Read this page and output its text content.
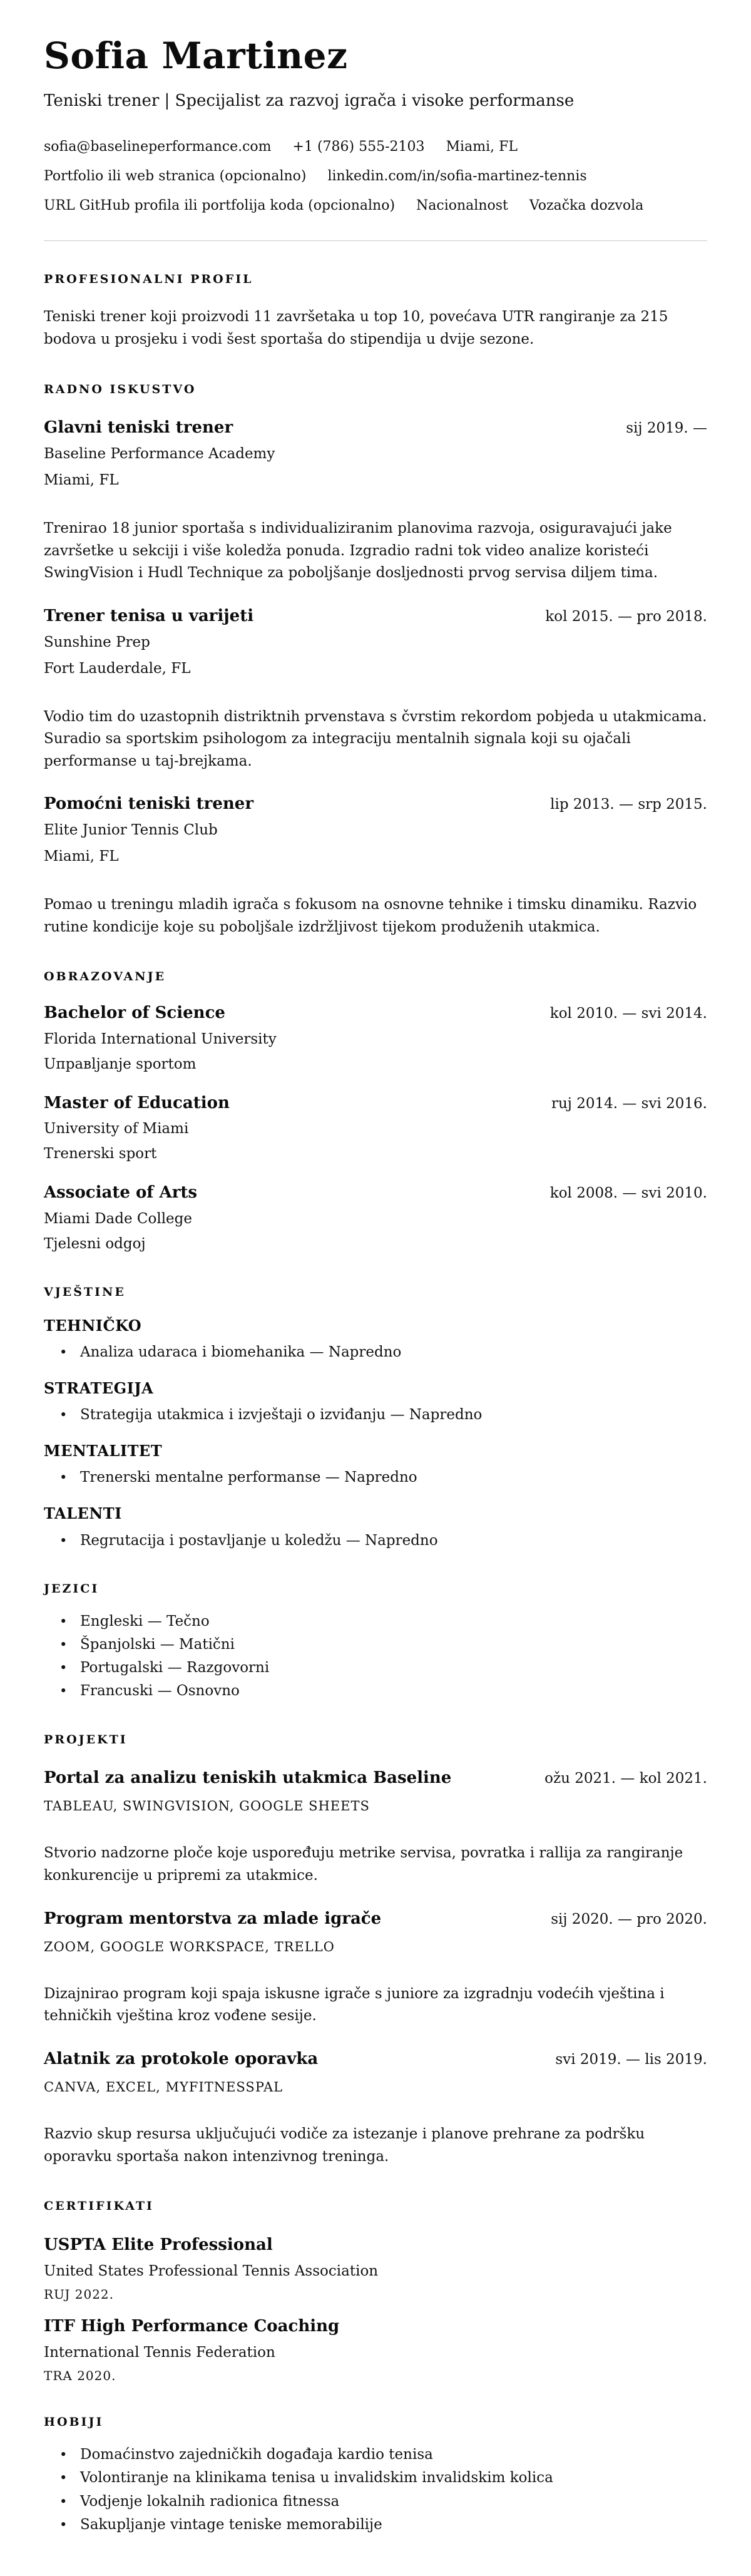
Sofia Martinez
Teniski trener | Specijalist za razvoj igrača i visoke performanse
sofia@baselineperformance.com +1 (786) 555-2103 Miami, FL
Portfolio ili web stranica (opcionalno) linkedin.com/in/sofia-martinez-tennis
URL GitHub profila ili portfolija koda (opcionalno) Nacionalnost Vozačka dozvola
PROFESIONALNI PROFIL

Teniski trener koji proizvodi 11 završetaka u top 10, povećava UTR rangiranje za 215 bodova u prosjeku i vodi šest sportaša do stipendija u dvije sezone.

RADNO ISKUSTVO
Glavni teniski trener	sij 2019. —
Baseline Performance Academy
Miami, FL

Trenirao 18 junior sportaša s individualiziranim planovima razvoja, osiguravajući jake završetke u sekciji i više koledža ponuda. Izgradio radni tok video analize koristeći SwingVision i Hudl Technique za poboljšanje dosljednosti prvog servisa diljem tima.

Trener tenisa u varijeti	kol 2015. — pro 2018.
Sunshine Prep
Fort Lauderdale, FL

Vodio tim do uzastopnih distriktnih prvenstava s čvrstim rekordom pobjeda u utakmicama. Suradio sa sportskim psihologom za integraciju mentalnih signala koji su ojačali performanse u taj-brejkama.

Pomoćni teniski trener	lip 2013. — srp 2015.
Elite Junior Tennis Club
Miami, FL

Pomao u treningu mladih igrača s fokusom na osnovne tehnike i timsku dinamiku. Razvio rutine kondicije koje su poboljšale izdržljivost tijekom produženih utakmica.

OBRAZOVANJE
Bachelor of Science	kol 2010. — svi 2014.
Florida International University
Uправljanje sportom
Master of Education	ruj 2014. — svi 2016.
University of Miami
Trenerski sport
Associate of Arts	kol 2008. — svi 2010.
Miami Dade College
Tjelesni odgoj
VJEŠTINE
TEHNIČKO
• Analiza udaraca i biomehanika — Napredno
STRATEGIJA
• Strategija utakmica i izvještaji o izviđanju — Napredno
MENTALITET
• Trenerski mentalne performanse — Napredno
TALENTI
• Regrutacija i postavljanje u koledžu — Napredno
JEZICI
• Engleski — Tečno
• Španjolski — Matični
• Portugalski — Razgovorni
• Francuski — Osnovno
PROJEKTI
Portal za analizu teniskih utakmica Baseline	ožu 2021. — kol 2021.
TABLEAU, SWINGVISION, GOOGLE SHEETS

Stvorio nadzorne ploče koje uspoređuju metrike servisa, povratka i rallija za rangiranje konkurencije u pripremi za utakmice.

Program mentorstva za mlade igrače	sij 2020. — pro 2020.
ZOOM, GOOGLE WORKSPACE, TRELLO

Dizajnirao program koji spaja iskusne igrače s juniore za izgradnju vodećih vještina i tehničkih vještina kroz vođene sesije.

Alatnik za protokole oporavka	svi 2019. — lis 2019.
CANVA, EXCEL, MYFITNESSPAL

Razvio skup resursa uključujući vodiče za istezanje i planove prehrane za podršku oporavku sportaša nakon intenzivnog treninga.

CERTIFIKATI
USPTA Elite Professional
United States Professional Tennis Association
RUJ 2022.
ITF High Performance Coaching
International Tennis Federation
TRA 2020.
HOBIJI
• Domaćinstvo zajedničkih događaja kardio tenisa
• Volontiranje na klinikama tenisa u invalidskim invalidskim kolica
• Vodjenje lokalnih radionica fitnessa
• Sakupljanje vintage teniske memorabilije
